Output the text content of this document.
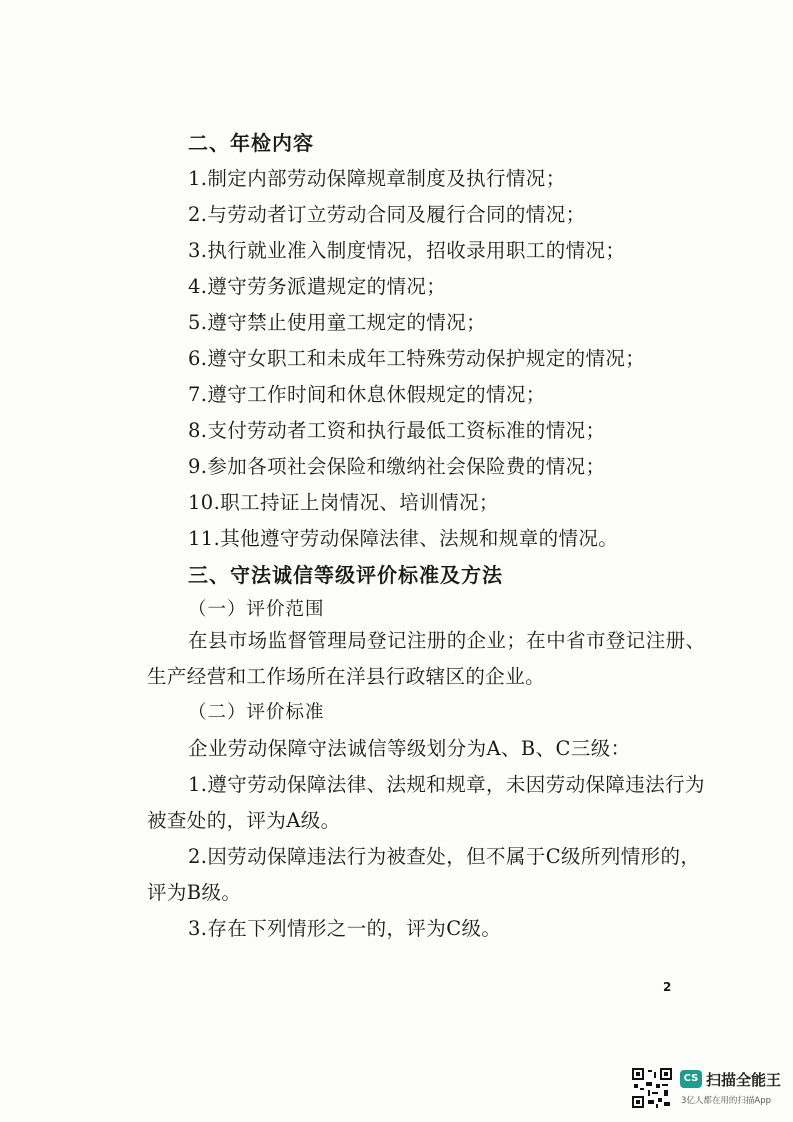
二、年检内容
1.制定内部劳动保障规章制度及执行情况；
2.与劳动者订立劳动合同及履行合同的情况；
3.执行就业准入制度情况，招收录用职工的情况；
4.遵守劳务派遣规定的情况；
5.遵守禁止使用童工规定的情况；
6.遵守女职工和未成年工特殊劳动保护规定的情况；
7.遵守工作时间和休息休假规定的情况；
8.支付劳动者工资和执行最低工资标准的情况；
9.参加各项社会保险和缴纳社会保险费的情况；
10.职工持证上岗情况、培训情况；
11.其他遵守劳动保障法律、法规和规章的情况。
三、守法诚信等级评价标准及方法
（一）评价范围
在县市场监督管理局登记注册的企业；在中省市登记注册、
生产经营和工作场所在洋县行政辖区的企业。
（二）评价标准
企业劳动保障守法诚信等级划分为A、B、C三级：
1.遵守劳动保障法律、法规和规章，未因劳动保障违法行为
被查处的，评为A级。
2.因劳动保障违法行为被查处，但不属于C级所列情形的，
评为B级。
3.存在下列情形之一的，评为C级。
2
CS 扫描全能王
3亿人都在用的扫描App
